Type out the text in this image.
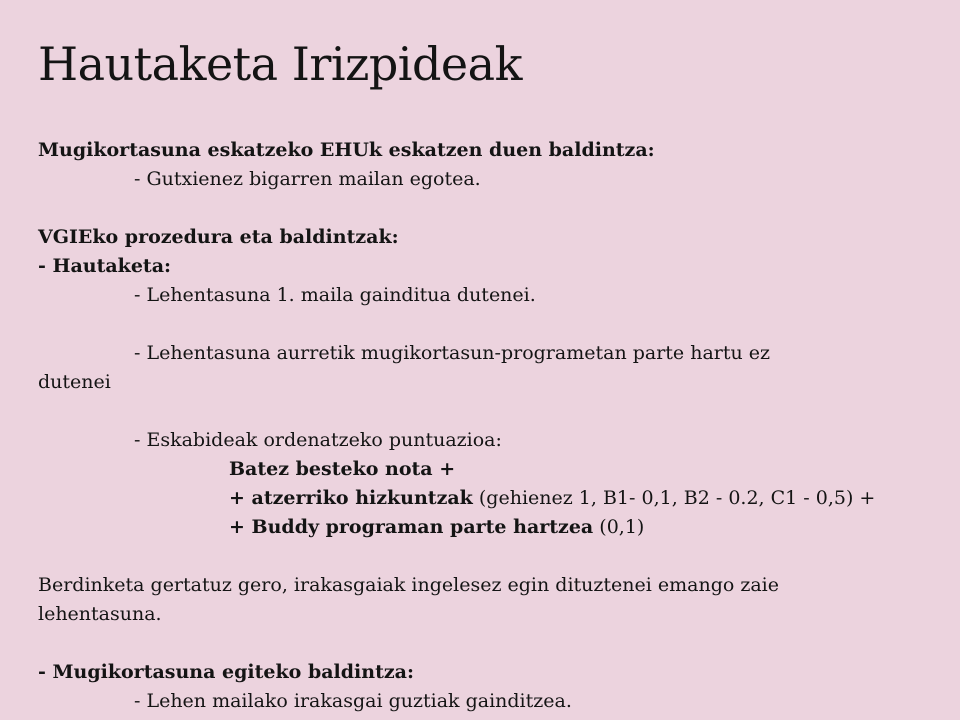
Hautaketa Irizpideak
Mugikortasuna eskatzeko EHUk eskatzen duen baldintza:
- Gutxienez bigarren mailan egotea.
VGIEko prozedura eta baldintzak:
- Hautaketa:
- Lehentasuna 1. maila gainditua dutenei.
- Lehentasuna aurretik mugikortasun-programetan parte hartu ez
dutenei
- Eskabideak ordenatzeko puntuazioa:
Batez besteko nota +
+ atzerriko hizkuntzak (gehienez 1, B1- 0,1, B2 - 0.2, C1 - 0,5) +
+ Buddy programan parte hartzea (0,1)
Berdinketa gertatuz gero, irakasgaiak ingelesez egin dituztenei emango zaie
lehentasuna.
- Mugikortasuna egiteko baldintza:
- Lehen mailako irakasgai guztiak gainditzea.
